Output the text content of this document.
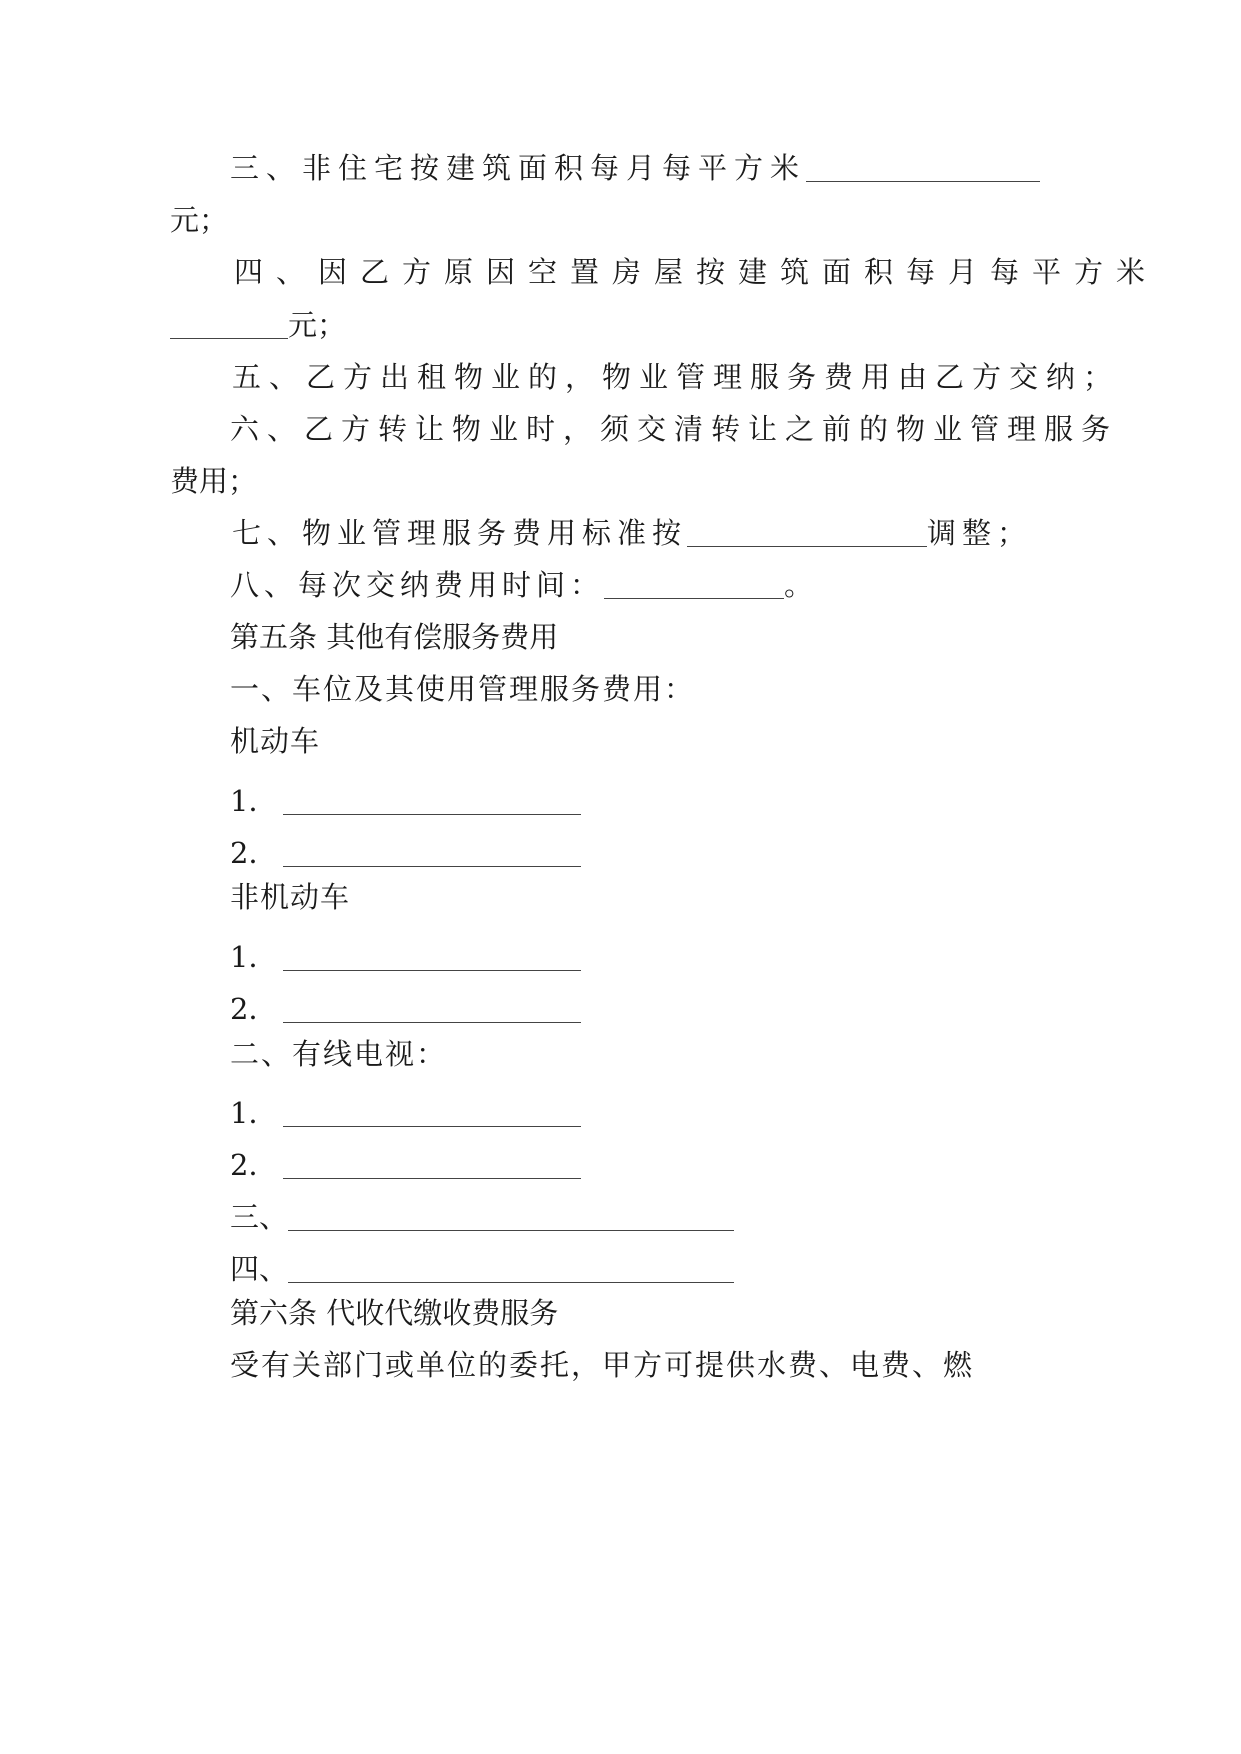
三、非住宅按建筑面积每月每平方米
元；
四、因乙方原因空置房屋按建筑面积每月每平方米
元；
五、乙方出租物业的，物业管理服务费用由乙方交纳；
六、乙方转让物业时，须交清转让之前的物业管理服务
费用；
七、物业管理服务费用标准按	调整；
八、每次交纳费用时间：	。
第五条 其他有偿服务费用
一、车位及其使用管理服务费用：
机动车
1．
2．
非机动车
1．
2．
二、有线电视：
1．
2．
三、
四、
第六条 代收代缴收费服务
受有关部门或单位的委托，甲方可提供水费、电费、燃
